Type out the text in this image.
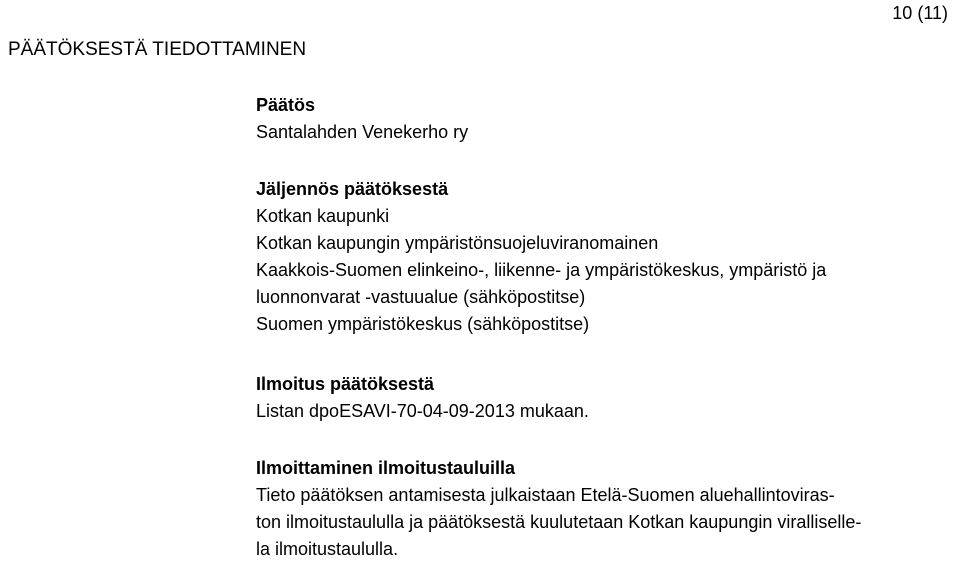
10 (11)
PÄÄTÖKSESTÄ TIEDOTTAMINEN

Päätös

Santalahden Venekerho ry

Jäljennös päätöksestä

Kotkan kaupunki

Kotkan kaupungin ympäristönsuojeluviranomainen

Kaakkois-Suomen elinkeino-, liikenne- ja ympäristökeskus, ympäristö ja

luonnonvarat -vastuualue (sähköpostitse)

Suomen ympäristökeskus (sähköpostitse)

Ilmoitus päätöksestä

Listan dpoESAVI-70-04-09-2013 mukaan.

Ilmoittaminen ilmoitustauluilla

Tieto päätöksen antamisesta julkaistaan Etelä-Suomen aluehallintoviras-

ton ilmoitustaululla ja päätöksestä kuulutetaan Kotkan kaupungin viralliselle-

la ilmoitustaululla.
